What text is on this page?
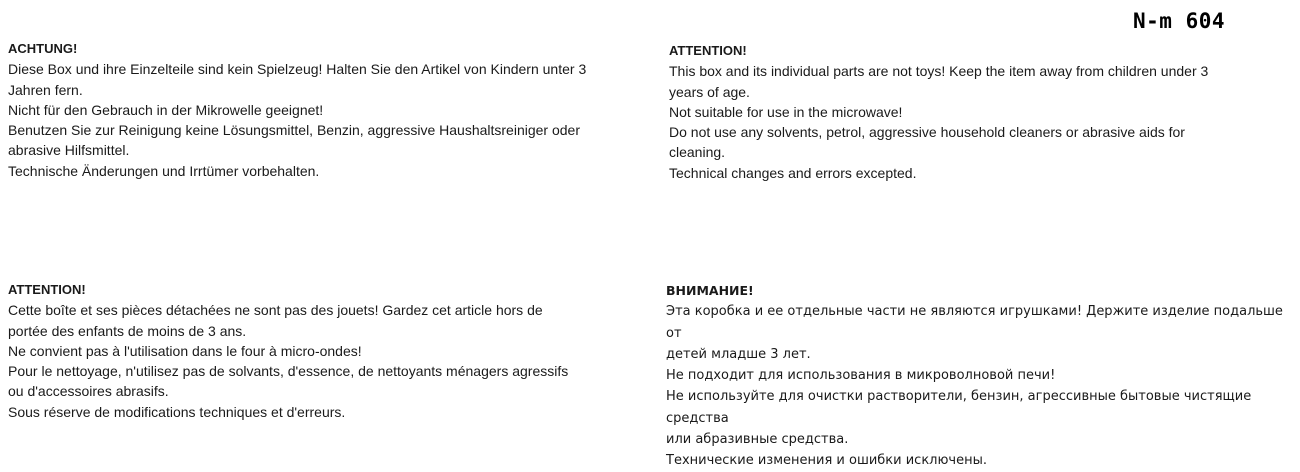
N-m 604

ACHTUNG!

Diese Box und ihre Einzelteile sind kein Spielzeug! Halten Sie den Artikel von Kindern unter 3

Jahren fern.

Nicht für den Gebrauch in der Mikrowelle geeignet!

Benutzen Sie zur Reinigung keine Lösungsmittel, Benzin, aggressive Haushaltsreiniger oder

abrasive Hilfsmittel.

Technische Änderungen und Irrtümer vorbehalten.

ATTENTION!

This box and its individual parts are not toys! Keep the item away from children under 3

years of age.

Not suitable for use in the microwave!

Do not use any solvents, petrol, aggressive household cleaners or abrasive aids for

cleaning.

Technical changes and errors excepted.

ATTENTION!

Cette boîte et ses pièces détachées ne sont pas des jouets! Gardez cet article hors de

portée des enfants de moins de 3 ans.

Ne convient pas à l'utilisation dans le four à micro-ondes!

Pour le nettoyage, n'utilisez pas de solvants, d'essence, de nettoyants ménagers agressifs

ou d'accessoires abrasifs.

Sous réserve de modifications techniques et d'erreurs.

ВНИМАНИЕ!

Эта коробка и ее отдельные части не являются игрушками! Держите изделие подальше от

детей младше 3 лет.

Не подходит для использования в микроволновой печи!

Не используйте для очистки растворители, бензин, агрессивные бытовые чистящие средства

или абразивные средства.

Технические изменения и ошибки исключены.
